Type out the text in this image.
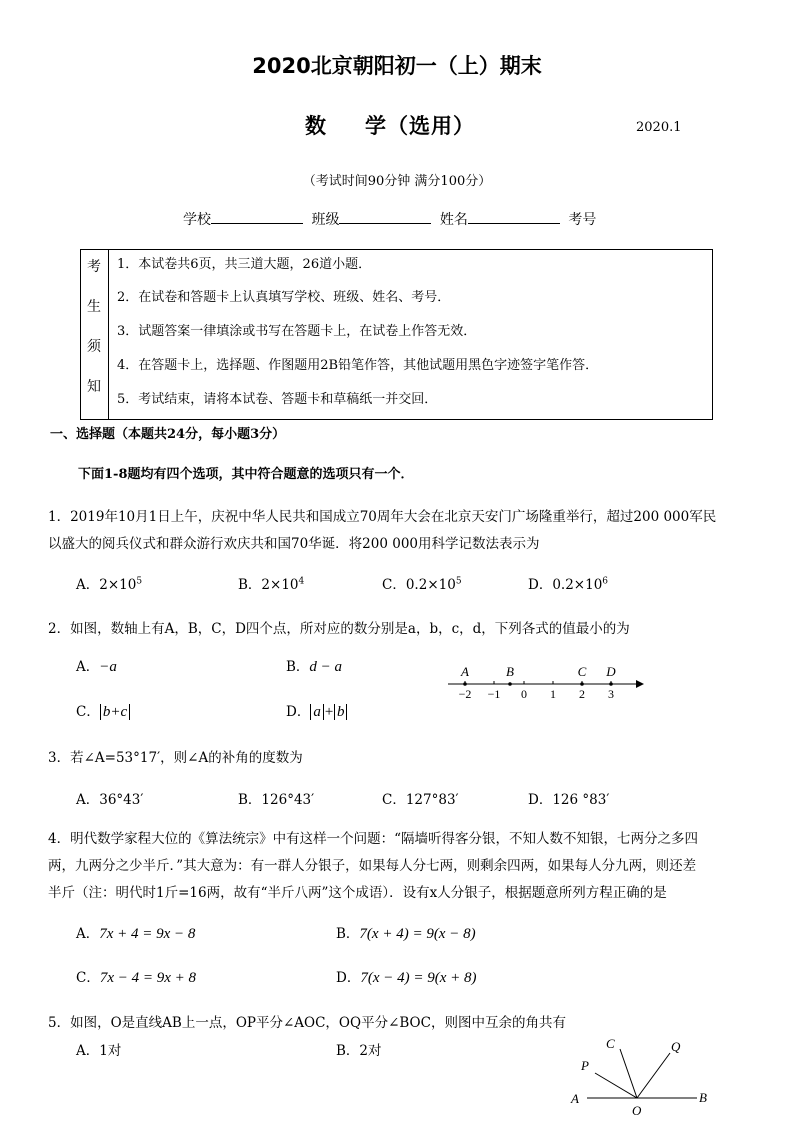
2020北京朝阳初一（上）期末
数 学（选用）	2020.1
（考试时间90分钟 满分100分）
学校	班级	姓名	考号
考
生
须
知
1．本试卷共6页，共三道大题，26道小题．
2．在试卷和答题卡上认真填写学校、班级、姓名、考号．
3．试题答案一律填涂或书写在答题卡上，在试卷上作答无效．
4．在答题卡上，选择题、作图题用2B铅笔作答，其他试题用黑色字迹签字笔作答．
5．考试结束，请将本试卷、答题卡和草稿纸一并交回．
一、选择题（本题共24分，每小题3分）
下面1-8题均有四个选项，其中符合题意的选项只有一个．
1．2019年10月1日上午，庆祝中华人民共和国成立70周年大会在北京天安门广场隆重举行，超过200 000军民
以盛大的阅兵仪式和群众游行欢庆共和国70华诞．将200 000用科学记数法表示为
A．$2\times 10^5$	B．$2\times 10^4$	C．$0.2\times 10^5$	D．$0.2\times 10^6$
2．如图，数轴上有A，B，C，D四个点，所对应的数分别是a，b，c，d，下列各式的值最小的为
A．−a	B．d − a
C． b+c	D． a + b
−2 −1 0 1 2 3
A	B	C D
3．若∠A=53°17′，则∠A的补角的度数为
A．36°43′	B．126°43′	C．127°83′	D．126 °83′
4．明代数学家程大位的《算法统宗》中有这样一个问题：“隔墙听得客分银，不知人数不知银，七两分之多四
两，九两分之少半斤．”其大意为：有一群人分银子，如果每人分七两，则剩余四两，如果每人分九两，则还差
半斤（注：明代时1斤=16两，故有“半斤八两”这个成语）．设有x人分银子，根据题意所列方程正确的是
A．7x + 4 = 9x − 8	B．7(x + 4) = 9(x − 8)
C．7x − 4 = 9x + 8	D．7(x − 4) = 9(x + 8)
5．如图，O是直线AB上一点，OP平分∠AOC，OQ平分∠BOC，则图中互余的角共有
A．1对	B．2对
A
O
B
P
C	Q
